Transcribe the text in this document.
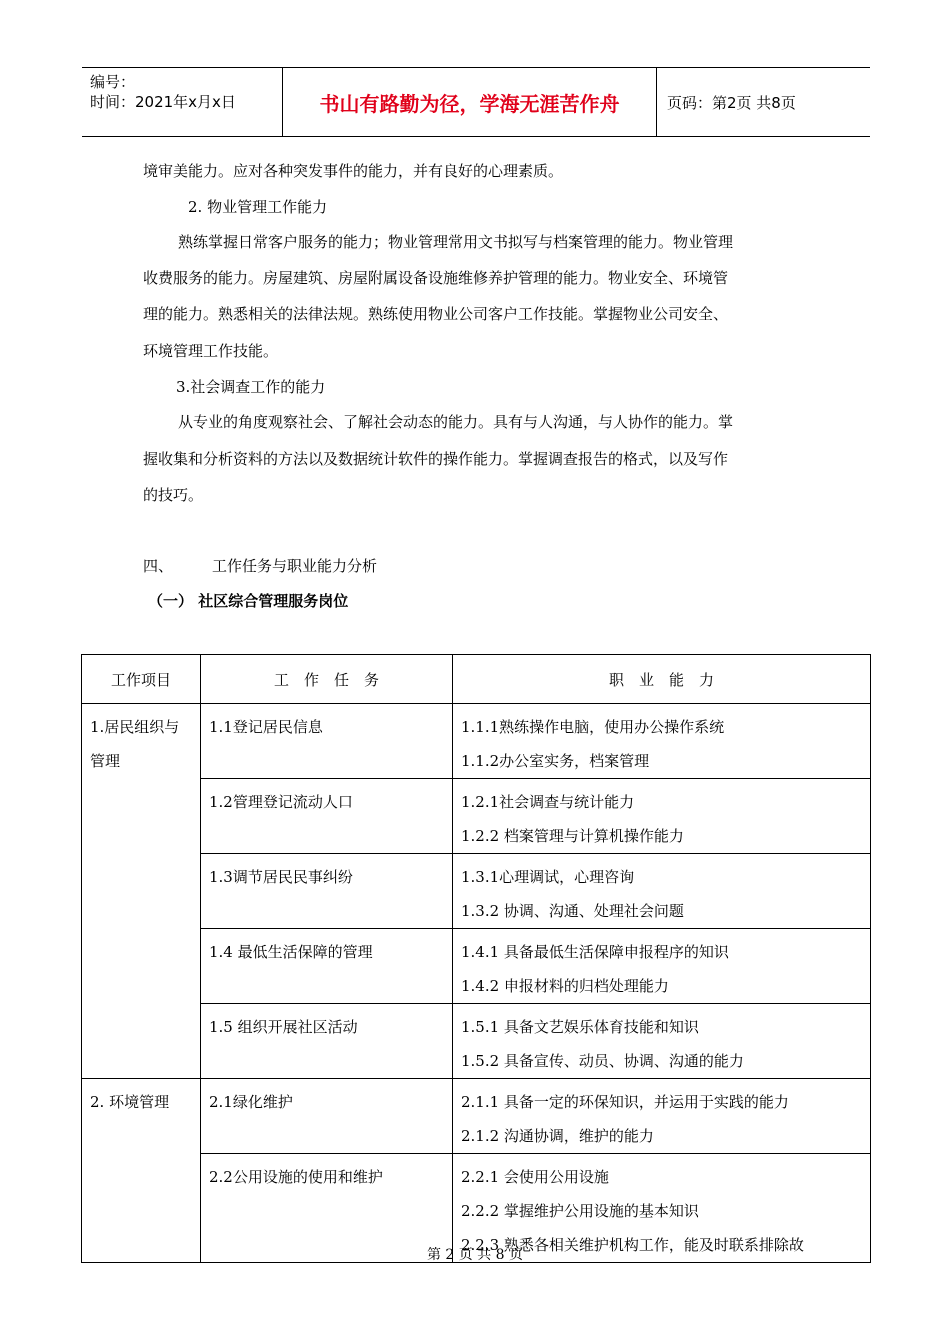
编号：
时间：2021年x月x日	书山有路勤为径，学海无涯苦作舟	页码：第2页 共8页
境审美能力。应对各种突发事件的能力，并有良好的心理素质。
2. 物业管理工作能力
熟练掌握日常客户服务的能力；物业管理常用文书拟写与档案管理的能力。物业管理
收费服务的能力。房屋建筑、房屋附属设备设施维修养护管理的能力。物业安全、环境管
理的能力。熟悉相关的法律法规。熟练使用物业公司客户工作技能。掌握物业公司安全、
环境管理工作技能。
3.社会调查工作的能力
从专业的角度观察社会、了解社会动态的能力。具有与人沟通，与人协作的能力。掌
握收集和分析资料的方法以及数据统计软件的操作能力。掌握调查报告的格式，以及写作
的技巧。
四、	工作任务与职业能力分析
（一） 社区综合管理服务岗位
工作项目	工　作　任　务	职　业　能　力

1.居民组织与管理	1.1登记居民信息	1.1.1熟练操作电脑，使用办公操作系统
1.1.2办公室实务，档案管理

	1.2管理登记流动人口	1.2.1社会调查与统计能力
1.2.2 档案管理与计算机操作能力

	1.3调节居民民事纠纷	1.3.1心理调试，心理咨询
1.3.2 协调、沟通、处理社会问题

	1.4 最低生活保障的管理	1.4.1 具备最低生活保障申报程序的知识
1.4.2 申报材料的归档处理能力

	1.5 组织开展社区活动	1.5.1 具备文艺娱乐体育技能和知识
1.5.2 具备宣传、动员、协调、沟通的能力

2. 环境管理	2.1绿化维护	2.1.1 具备一定的环保知识，并运用于实践的能力
2.1.2 沟通协调，维护的能力

	2.2公用设施的使用和维护	2.2.1 会使用公用设施
2.2.2 掌握维护公用设施的基本知识
2.2.3 熟悉各相关维护机构工作，能及时联系排除故
第 2 页 共 8 页
